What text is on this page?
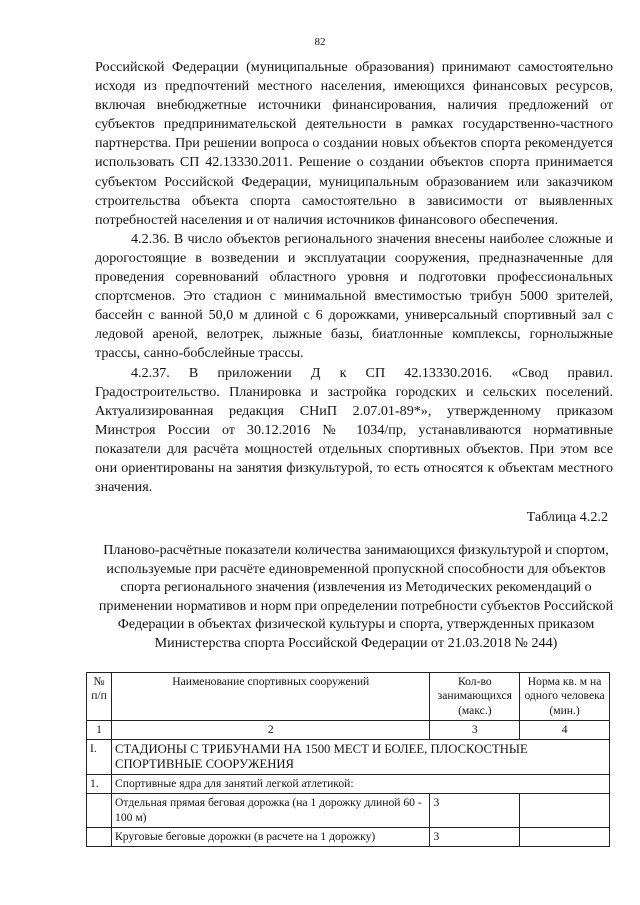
82

Российской Федерации (муниципальные образования) принимают самостоятельно исходя из предпочтений местного населения, имеющихся финансовых ресурсов, включая внебюджетные источники финансирования, наличия предложений от субъектов предпринимательской деятельности в рамках государственно-частного партнерства. При решении вопроса о создании новых объектов спорта рекомендуется использовать СП 42.13330.2011. Решение о создании объектов спорта принимается субъектом Российской Федерации, муниципальным образованием или заказчиком строительства объекта спорта самостоятельно в зависимости от выявленных потребностей населения и от наличия источников финансового обеспечения.

4.2.36. В число объектов регионального значения внесены наиболее сложные и дорогостоящие в возведении и эксплуатации сооружения, предназначенные для проведения соревнований областного уровня и подготовки профессиональных спортсменов. Это стадион с минимальной вместимостью трибун 5000 зрителей, бассейн с ванной 50,0 м длиной с 6 дорожками, универсальный спортивный зал с ледовой ареной, велотрек, лыжные базы, биатлонные комплексы, горнолыжные трассы, санно-бобслейные трассы.

4.2.37. В приложении Д к СП 42.13330.2016. «Свод правил. Градостроительство. Планировка и застройка городских и сельских поселений. Актуализированная редакция СНиП 2.07.01-89*», утвержденному приказом Минстроя России от 30.12.2016 № 1034/пр, устанавливаются нормативные показатели для расчёта мощностей отдельных спортивных объектов. При этом все они ориентированы на занятия физкультурой, то есть относятся к объектам местного значения.

Таблица 4.2.2

Планово-расчётные показатели количества занимающихся физкультурой и спортом, используемые при расчёте единовременной пропускной способности для объектов спорта регионального значения (извлечения из Методических рекомендаций о применении нормативов и норм при определении потребности субъектов Российской Федерации в объектах физической культуры и спорта, утвержденных приказом Министерства спорта Российской Федерации от 21.03.2018 № 244)

№ п/п	Наименование спортивных сооружений	Кол-во занимающихся (макс.)	Норма кв. м на одного человека (мин.)
1	2	3	4
I.	СТАДИОНЫ С ТРИБУНАМИ НА 1500 МЕСТ И БОЛЕЕ, ПЛОСКОСТНЫЕ СПОРТИВНЫЕ СООРУЖЕНИЯ		
1.	Спортивные ядра для занятий легкой атлетикой:		
	Отдельная прямая беговая дорожка (на 1 дорожку длиной 60 - 100 м)	3	
	Круговые беговые дорожки (в расчете на 1 дорожку)	3	
